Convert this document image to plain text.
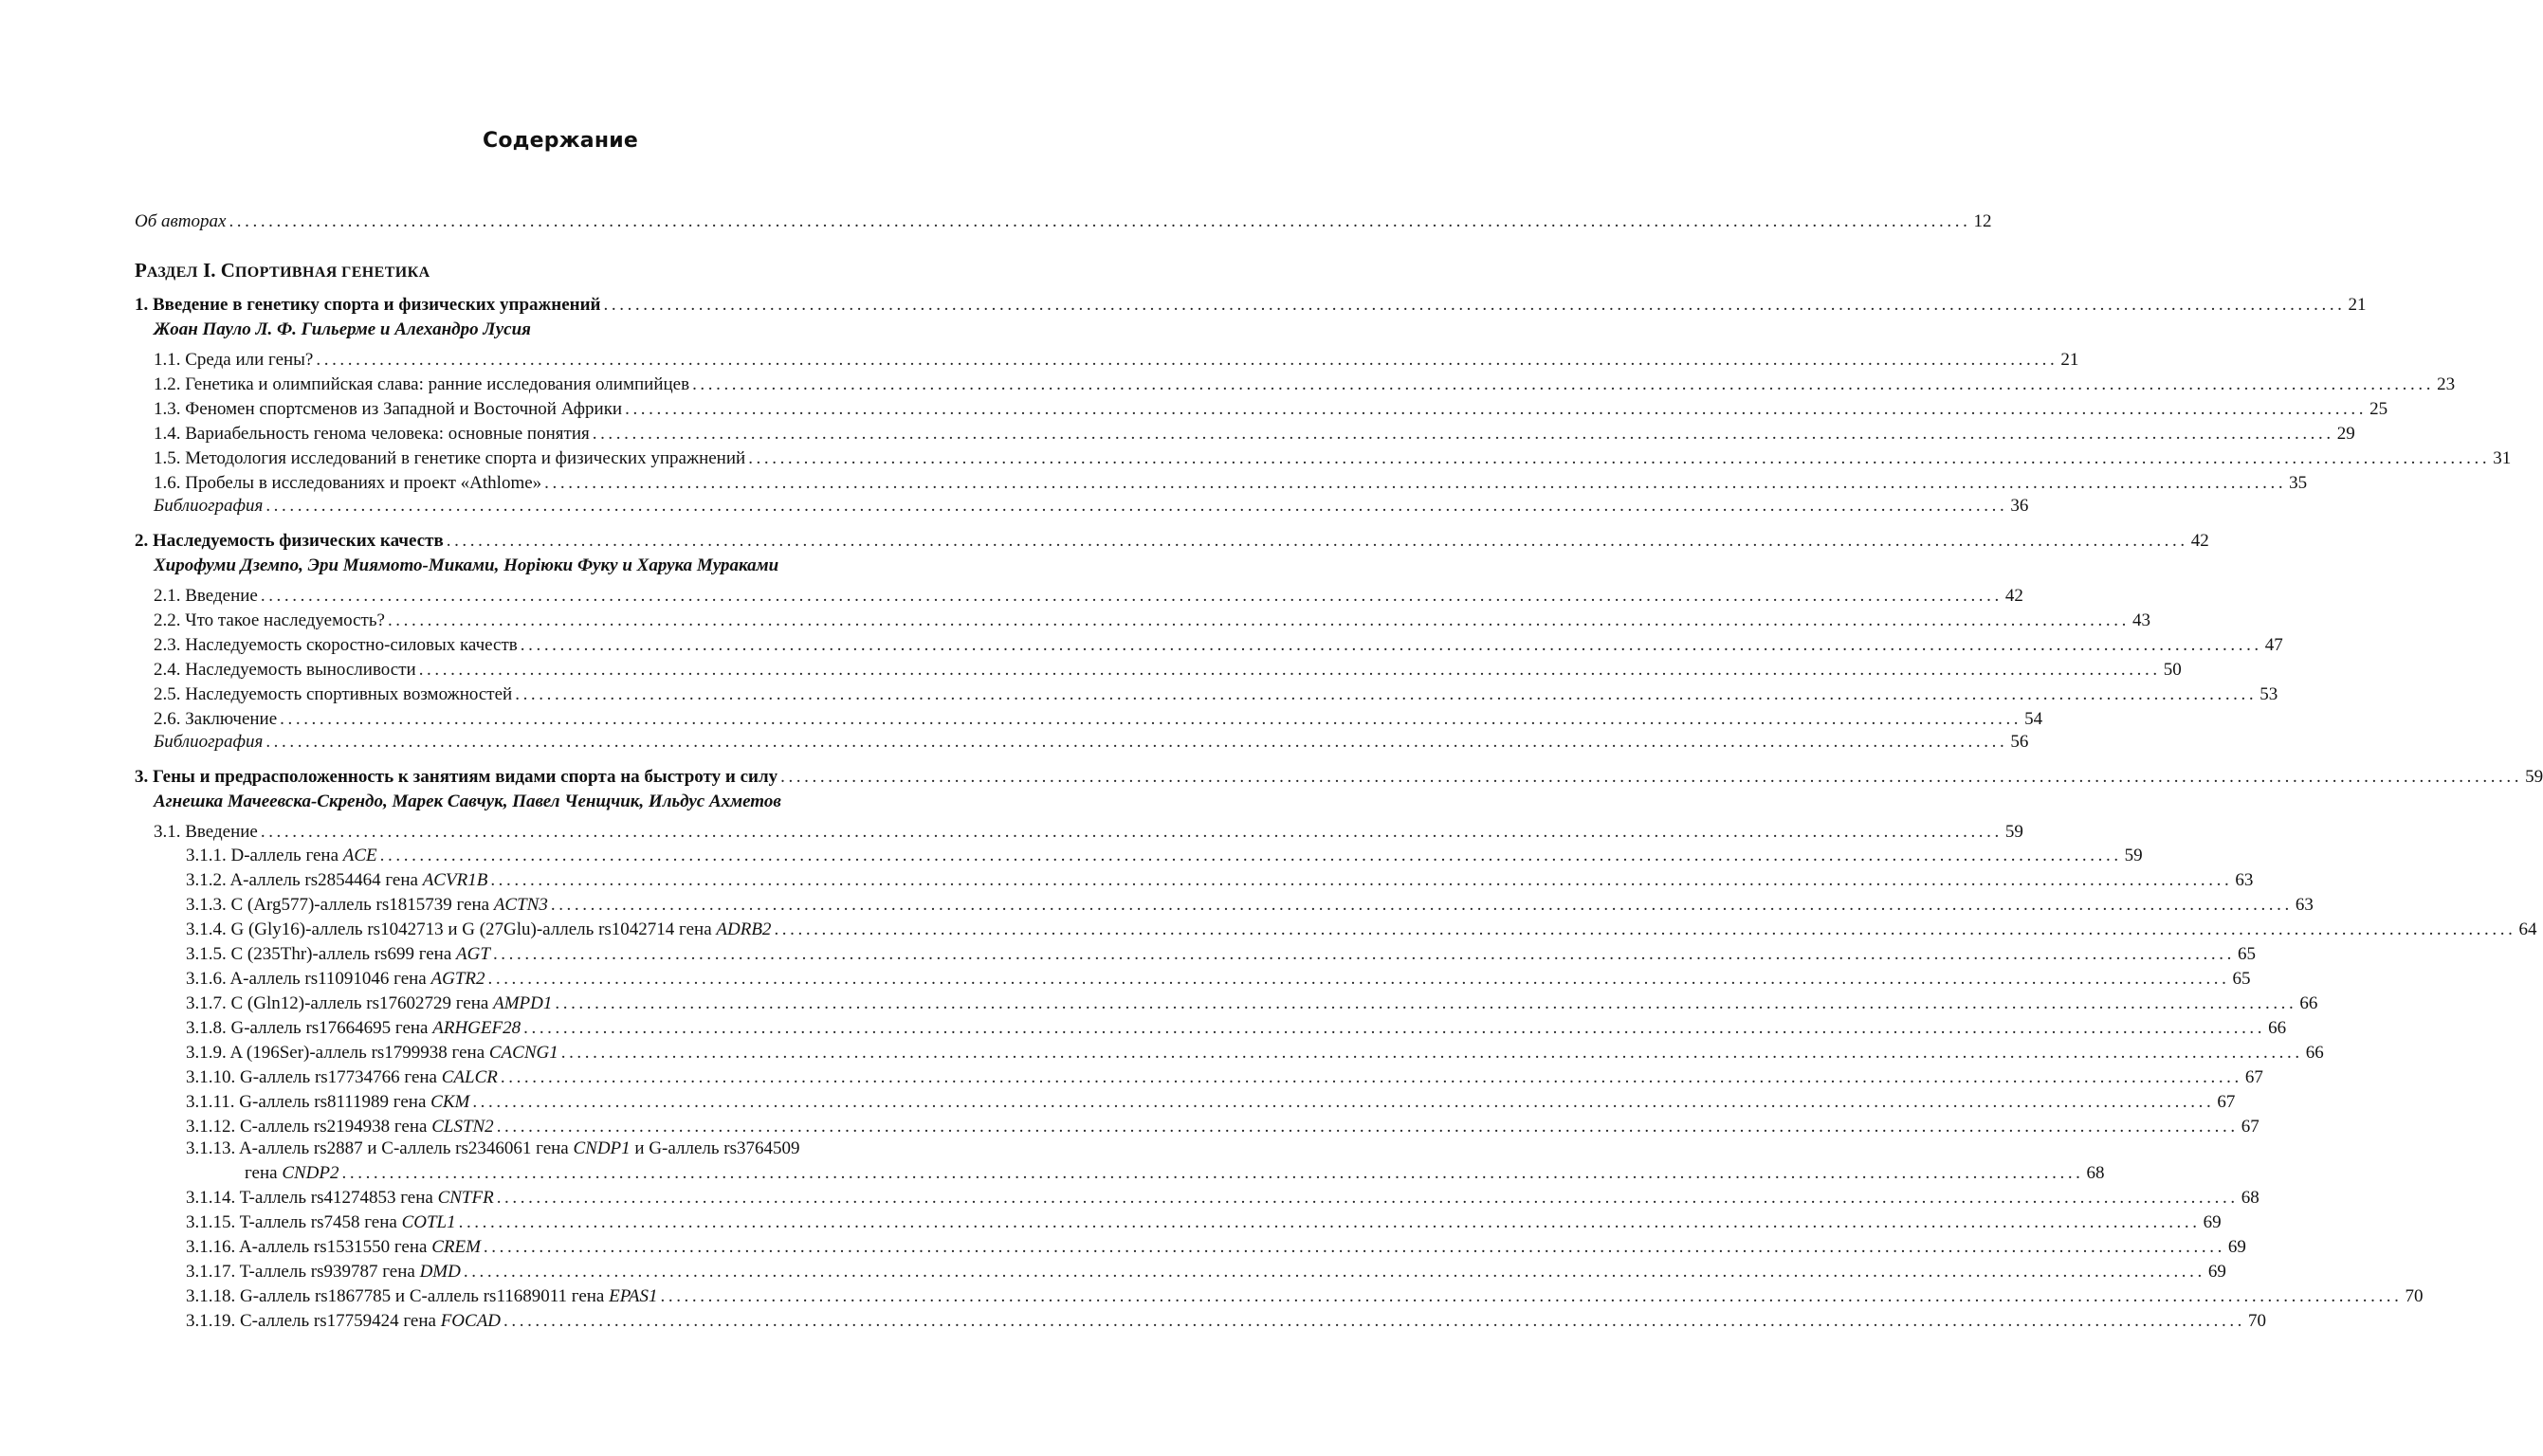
Содержание
Об авторах ............................................................................................................................................................................................................................ 12
РАЗДЕЛ I. СПОРТИВНАЯ ГЕНЕТИКА
1. Введение в генетику спорта и физических упражнений ............................................................................................................................................................................................................................ 21
Жоан Пауло Л. Ф. Гильерме и Алехандро Лусия
1.1. Среда или гены? ............................................................................................................................................................................................................................ 21
1.2. Генетика и олимпийская слава: ранние исследования олимпийцев ............................................................................................................................................................................................................................ 23
1.3. Феномен спортсменов из Западной и Восточной Африки ............................................................................................................................................................................................................................ 25
1.4. Вариабельность генома человека: основные понятия ............................................................................................................................................................................................................................ 29
1.5. Методология исследований в генетике спорта и физических упражнений ............................................................................................................................................................................................................................ 31
1.6. Пробелы в исследованиях и проект «Athlome» ............................................................................................................................................................................................................................ 35
Библиография ............................................................................................................................................................................................................................ 36
2. Наследуемость физических качеств ............................................................................................................................................................................................................................ 42
Хирофуми Дземпо, Эри Миямото-Миками, Норіюки Фуку и Харука Мураками
2.1. Введение ............................................................................................................................................................................................................................ 42
2.2. Что такое наследуемость? ............................................................................................................................................................................................................................ 43
2.3. Наследуемость скоростно-силовых качеств ............................................................................................................................................................................................................................ 47
2.4. Наследуемость выносливости ............................................................................................................................................................................................................................ 50
2.5. Наследуемость спортивных возможностей ............................................................................................................................................................................................................................ 53
2.6. Заключение ............................................................................................................................................................................................................................ 54
Библиография ............................................................................................................................................................................................................................ 56
3. Гены и предрасположенность к занятиям видами спорта на быстроту и силу ............................................................................................................................................................................................................................ 59
Агнешка Мачеевска-Скрендо, Марек Савчук, Павел Ченщчик, Ильдус Ахметов
3.1. Введение ............................................................................................................................................................................................................................ 59
3.1.1. D-аллель гена ACE ............................................................................................................................................................................................................................ 59
3.1.2. A-аллель rs2854464 гена ACVR1B ............................................................................................................................................................................................................................ 63
3.1.3. C (Arg577)-аллель rs1815739 гена ACTN3 ............................................................................................................................................................................................................................ 63
3.1.4. G (Gly16)-аллель rs1042713 и G (27Glu)-аллель rs1042714 гена ADRB2 ............................................................................................................................................................................................................................ 64
3.1.5. C (235Thr)-аллель rs699 гена AGT ............................................................................................................................................................................................................................ 65
3.1.6. A-аллель rs11091046 гена AGTR2 ............................................................................................................................................................................................................................ 65
3.1.7. C (Gln12)-аллель rs17602729 гена AMPD1 ............................................................................................................................................................................................................................ 66
3.1.8. G-аллель rs17664695 гена ARHGEF28 ............................................................................................................................................................................................................................ 66
3.1.9. A (196Ser)-аллель rs1799938 гена CACNG1 ............................................................................................................................................................................................................................ 66
3.1.10. G-аллель rs17734766 гена CALCR ............................................................................................................................................................................................................................ 67
3.1.11. G-аллель rs8111989 гена CKM ............................................................................................................................................................................................................................ 67
3.1.12. C-аллель rs2194938 гена CLSTN2 ............................................................................................................................................................................................................................ 67
3.1.13. A-аллель rs2887 и C-аллель rs2346061 гена CNDP1 и G-аллель rs3764509
гена CNDP2 ............................................................................................................................................................................................................................ 68
3.1.14. T-аллель rs41274853 гена CNTFR ............................................................................................................................................................................................................................ 68
3.1.15. T-аллель rs7458 гена COTL1 ............................................................................................................................................................................................................................ 69
3.1.16. A-аллель rs1531550 гена CREM ............................................................................................................................................................................................................................ 69
3.1.17. T-аллель rs939787 гена DMD ............................................................................................................................................................................................................................ 69
3.1.18. G-аллель rs1867785 и C-аллель rs11689011 гена EPAS1 ............................................................................................................................................................................................................................ 70
3.1.19. C-аллель rs17759424 гена FOCAD ............................................................................................................................................................................................................................ 70
